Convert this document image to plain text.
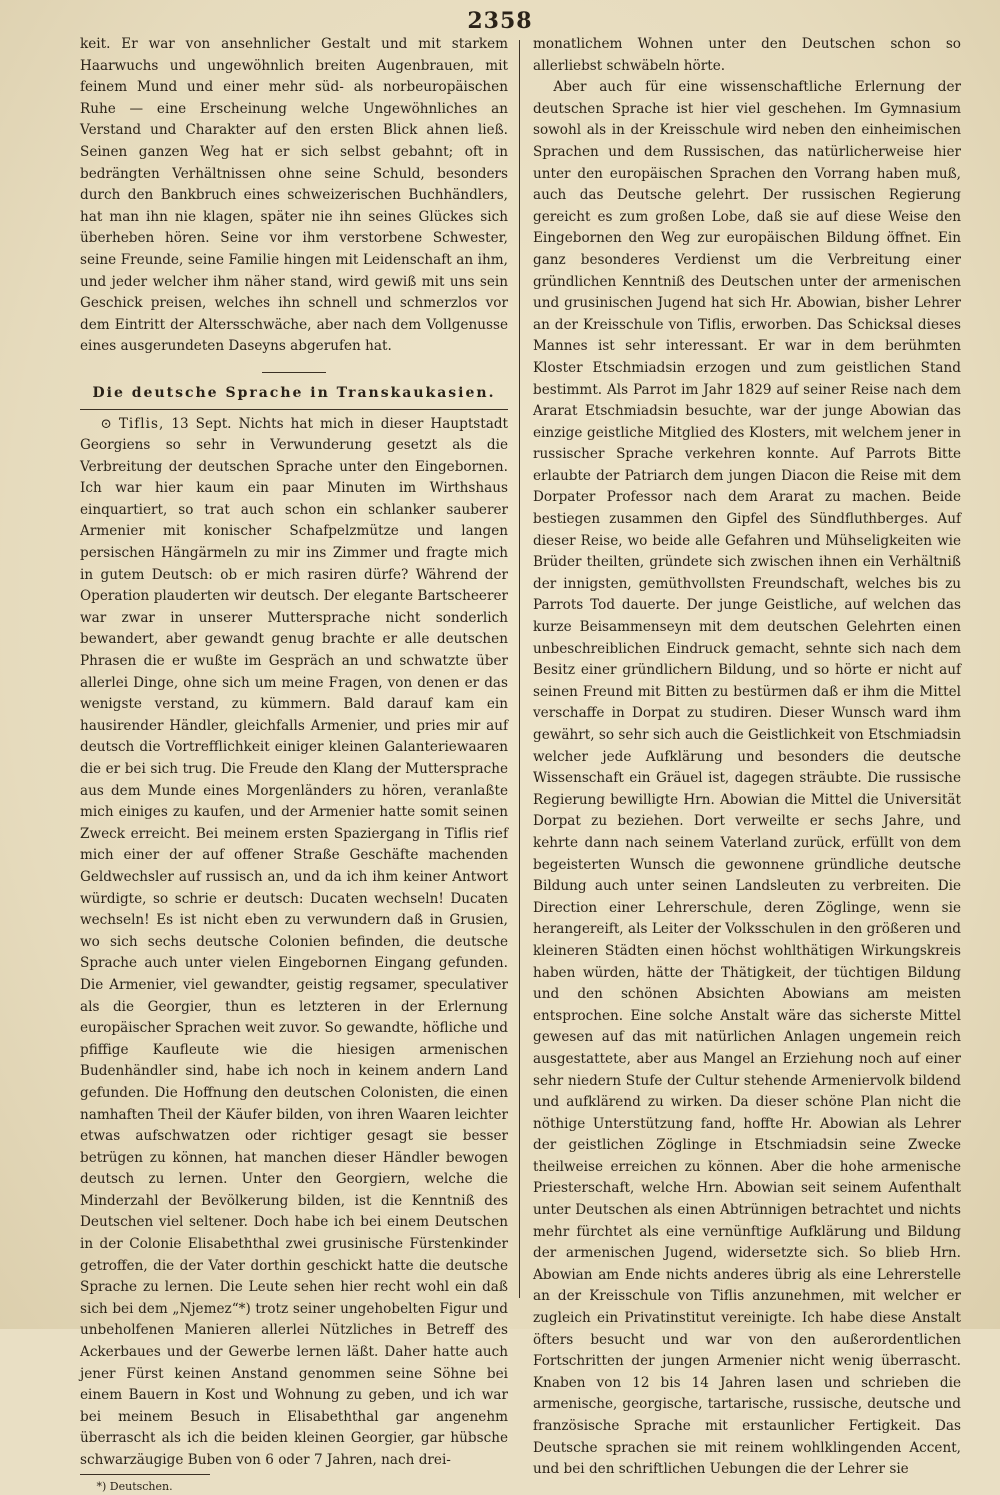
2358

keit. Er war von ansehnlicher Gestalt und mit starkem Haarwuchs und ungewöhnlich breiten Augenbrauen, mit feinem Mund und einer mehr süd- als norbeuropäischen Ruhe — eine Erscheinung welche Ungewöhnliches an Verstand und Charakter auf den ersten Blick ahnen ließ. Seinen ganzen Weg hat er sich selbst gebahnt; oft in bedrängten Verhältnissen ohne seine Schuld, besonders durch den Bankbruch eines schweizerischen Buchhändlers, hat man ihn nie klagen, später nie ihn seines Glückes sich überheben hören. Seine vor ihm verstorbene Schwester, seine Freunde, seine Familie hingen mit Leidenschaft an ihm, und jeder welcher ihm näher stand, wird gewiß mit uns sein Geschick preisen, welches ihn schnell und schmerzlos vor dem Eintritt der Altersschwäche, aber nach dem Vollgenusse eines ausgerundeten Daseyns abgerufen hat.

Die deutsche Sprache in Transkaukasien.

⊙ Tiflis, 13 Sept. Nichts hat mich in dieser Hauptstadt Georgiens so sehr in Verwunderung gesetzt als die Verbreitung der deutschen Sprache unter den Eingebornen. Ich war hier kaum ein paar Minuten im Wirthshaus einquartiert, so trat auch schon ein schlanker sauberer Armenier mit konischer Schafpelzmütze und langen persischen Hängärmeln zu mir ins Zimmer und fragte mich in gutem Deutsch: ob er mich rasiren dürfe? Während der Operation plauderten wir deutsch. Der elegante Bartscheerer war zwar in unserer Muttersprache nicht sonderlich bewandert, aber gewandt genug brachte er alle deutschen Phrasen die er wußte im Gespräch an und schwatzte über allerlei Dinge, ohne sich um meine Fragen, von denen er das wenigste verstand, zu kümmern. Bald darauf kam ein hausirender Händler, gleichfalls Armenier, und pries mir auf deutsch die Vortrefflichkeit einiger kleinen Galanteriewaaren die er bei sich trug. Die Freude den Klang der Muttersprache aus dem Munde eines Morgenländers zu hören, veranlaßte mich einiges zu kaufen, und der Armenier hatte somit seinen Zweck erreicht. Bei meinem ersten Spaziergang in Tiflis rief mich einer der auf offener Straße Geschäfte machenden Geldwechsler auf russisch an, und da ich ihm keiner Antwort würdigte, so schrie er deutsch: Ducaten wechseln! Ducaten wechseln! Es ist nicht eben zu verwundern daß in Grusien, wo sich sechs deutsche Colonien befinden, die deutsche Sprache auch unter vielen Eingebornen Eingang gefunden. Die Armenier, viel gewandter, geistig regsamer, speculativer als die Georgier, thun es letzteren in der Erlernung europäischer Sprachen weit zuvor. So gewandte, höfliche und pfiffige Kaufleute wie die hiesigen armenischen Budenhändler sind, habe ich noch in keinem andern Land gefunden. Die Hoffnung den deutschen Colonisten, die einen namhaften Theil der Käufer bilden, von ihren Waaren leichter etwas aufschwatzen oder richtiger gesagt sie besser betrügen zu können, hat manchen dieser Händler bewogen deutsch zu lernen. Unter den Georgiern, welche die Minderzahl der Bevölkerung bilden, ist die Kenntniß des Deutschen viel seltener. Doch habe ich bei einem Deutschen in der Colonie Elisabeththal zwei grusinische Fürstenkinder getroffen, die der Vater dorthin geschickt hatte die deutsche Sprache zu lernen. Die Leute sehen hier recht wohl ein daß sich bei dem „Njemez“*) trotz seiner ungehobelten Figur und unbeholfenen Manieren allerlei Nützliches in Betreff des Ackerbaues und der Gewerbe lernen läßt. Daher hatte auch jener Fürst keinen Anstand genommen seine Söhne bei einem Bauern in Kost und Wohnung zu geben, und ich war bei meinem Besuch in Elisabeththal gar angenehm überrascht als ich die beiden kleinen Georgier, gar hübsche schwarzäugige Buben von 6 oder 7 Jahren, nach drei-

*) Deutschen.

monatlichem Wohnen unter den Deutschen schon so allerliebst schwäbeln hörte.

Aber auch für eine wissenschaftliche Erlernung der deutschen Sprache ist hier viel geschehen. Im Gymnasium sowohl als in der Kreisschule wird neben den einheimischen Sprachen und dem Russischen, das natürlicherweise hier unter den europäischen Sprachen den Vorrang haben muß, auch das Deutsche gelehrt. Der russischen Regierung gereicht es zum großen Lobe, daß sie auf diese Weise den Eingebornen den Weg zur europäischen Bildung öffnet. Ein ganz besonderes Verdienst um die Verbreitung einer gründlichen Kenntniß des Deutschen unter der armenischen und grusinischen Jugend hat sich Hr. Abowian, bisher Lehrer an der Kreisschule von Tiflis, erworben. Das Schicksal dieses Mannes ist sehr interessant. Er war in dem berühmten Kloster Etschmiadsin erzogen und zum geistlichen Stand bestimmt. Als Parrot im Jahr 1829 auf seiner Reise nach dem Ararat Etschmiadsin besuchte, war der junge Abowian das einzige geistliche Mitglied des Klosters, mit welchem jener in russischer Sprache verkehren konnte. Auf Parrots Bitte erlaubte der Patriarch dem jungen Diacon die Reise mit dem Dorpater Professor nach dem Ararat zu machen. Beide bestiegen zusammen den Gipfel des Sündfluthberges. Auf dieser Reise, wo beide alle Gefahren und Mühseligkeiten wie Brüder theilten, gründete sich zwischen ihnen ein Verhältniß der innigsten, gemüthvollsten Freundschaft, welches bis zu Parrots Tod dauerte. Der junge Geistliche, auf welchen das kurze Beisammenseyn mit dem deutschen Gelehrten einen unbeschreiblichen Eindruck gemacht, sehnte sich nach dem Besitz einer gründlichern Bildung, und so hörte er nicht auf seinen Freund mit Bitten zu bestürmen daß er ihm die Mittel verschaffe in Dorpat zu studiren. Dieser Wunsch ward ihm gewährt, so sehr sich auch die Geistlichkeit von Etschmiadsin welcher jede Aufklärung und besonders die deutsche Wissenschaft ein Gräuel ist, dagegen sträubte. Die russische Regierung bewilligte Hrn. Abowian die Mittel die Universität Dorpat zu beziehen. Dort verweilte er sechs Jahre, und kehrte dann nach seinem Vaterland zurück, erfüllt von dem begeisterten Wunsch die gewonnene gründliche deutsche Bildung auch unter seinen Landsleuten zu verbreiten. Die Direction einer Lehrerschule, deren Zöglinge, wenn sie herangereift, als Leiter der Volksschulen in den größeren und kleineren Städten einen höchst wohlthätigen Wirkungskreis haben würden, hätte der Thätigkeit, der tüchtigen Bildung und den schönen Absichten Abowians am meisten entsprochen. Eine solche Anstalt wäre das sicherste Mittel gewesen auf das mit natürlichen Anlagen ungemein reich ausgestattete, aber aus Mangel an Erziehung noch auf einer sehr niedern Stufe der Cultur stehende Armeniervolk bildend und aufklärend zu wirken. Da dieser schöne Plan nicht die nöthige Unterstützung fand, hoffte Hr. Abowian als Lehrer der geistlichen Zöglinge in Etschmiadsin seine Zwecke theilweise erreichen zu können. Aber die hohe armenische Priesterschaft, welche Hrn. Abowian seit seinem Aufenthalt unter Deutschen als einen Abtrünnigen betrachtet und nichts mehr fürchtet als eine vernünftige Aufklärung und Bildung der armenischen Jugend, widersetzte sich. So blieb Hrn. Abowian am Ende nichts anderes übrig als eine Lehrerstelle an der Kreisschule von Tiflis anzunehmen, mit welcher er zugleich ein Privatinstitut vereinigte. Ich habe diese Anstalt öfters besucht und war von den außerordentlichen Fortschritten der jungen Armenier nicht wenig überrascht. Knaben von 12 bis 14 Jahren lasen und schrieben die armenische, georgische, tartarische, russische, deutsche und französische Sprache mit erstaunlicher Fertigkeit. Das Deutsche sprachen sie mit reinem wohlklingenden Accent, und bei den schriftlichen Uebungen die der Lehrer sie
